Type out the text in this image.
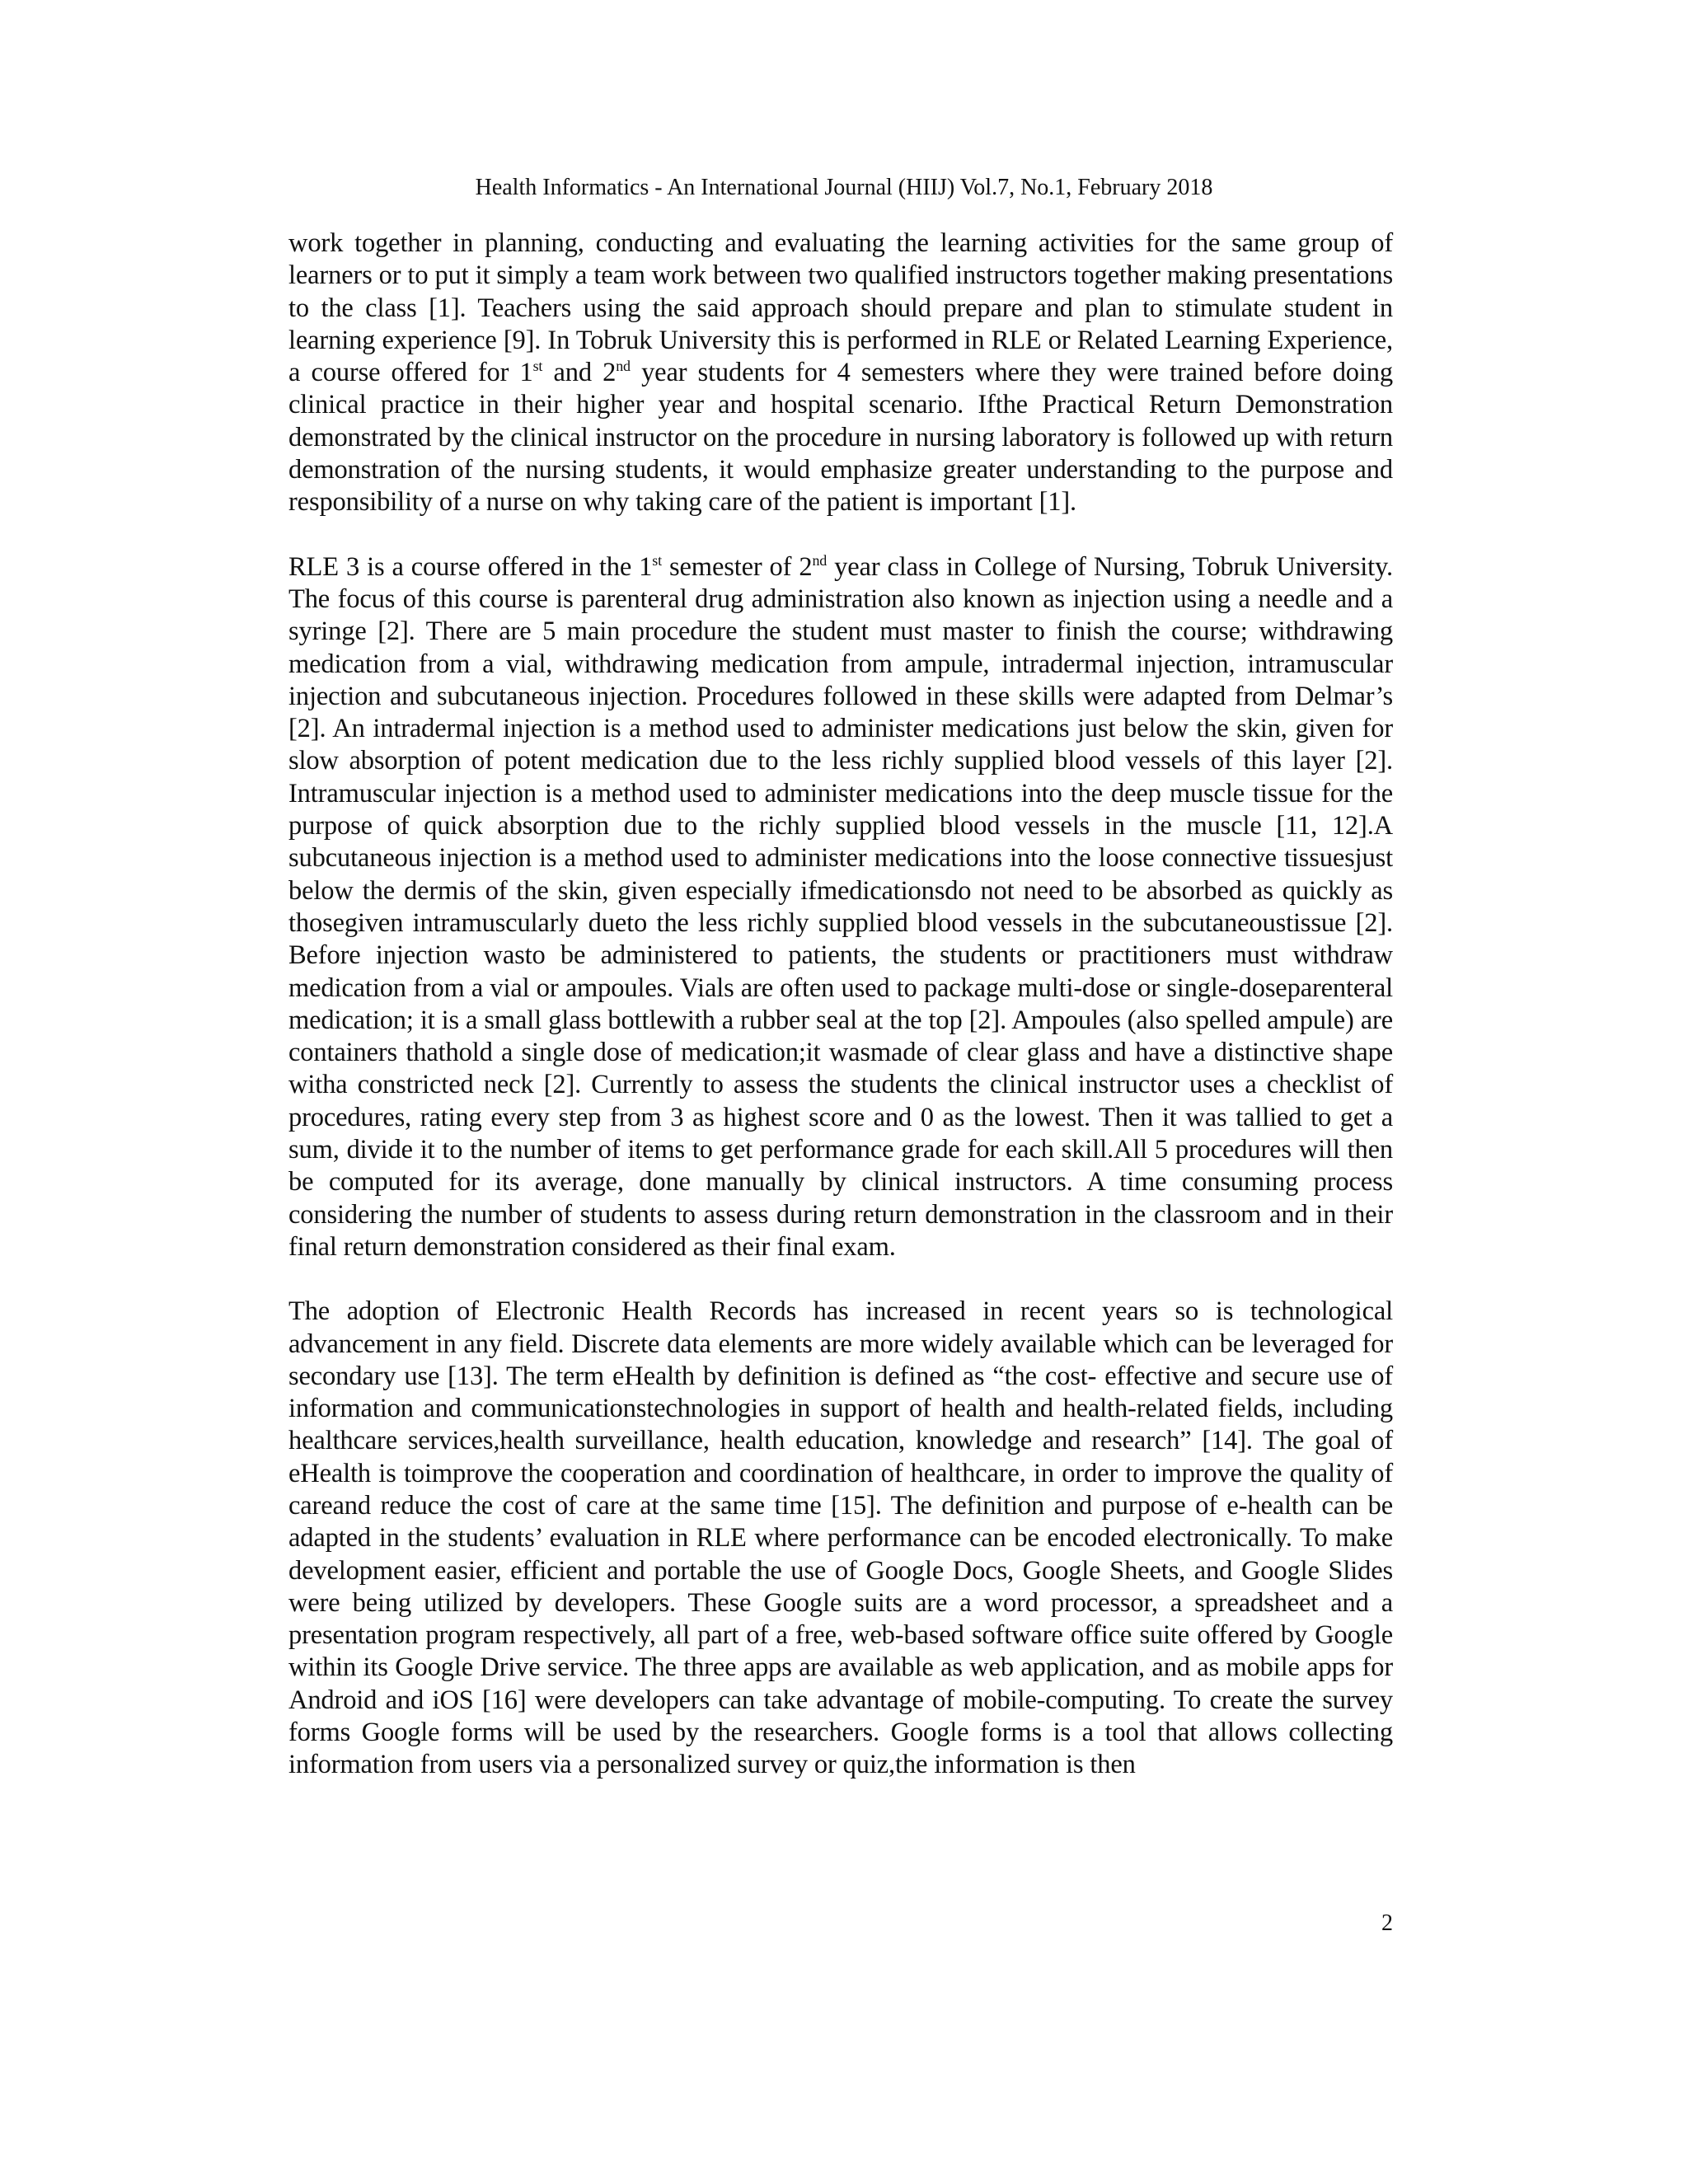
Health Informatics - An International Journal (HIIJ) Vol.7, No.1, February 2018

work together in planning, conducting and evaluating the learning activities for the same group of learners or to put it simply a team work between two qualified instructors together making presentations to the class [1]. Teachers using the said approach should prepare and plan to stimulate student in learning experience [9]. In Tobruk University this is performed in RLE or Related Learning Experience, a course offered for 1st and 2nd year students for 4 semesters where they were trained before doing clinical practice in their higher year and hospital scenario. Ifthe Practical Return Demonstration demonstrated by the clinical instructor on the procedure in nursing laboratory is followed up with return demonstration of the nursing students, it would emphasize greater understanding to the purpose and responsibility of a nurse on why taking care of the patient is important [1].

RLE 3 is a course offered in the 1st semester of 2nd year class in College of Nursing, Tobruk University. The focus of this course is parenteral drug administration also known as injection using a needle and a syringe [2]. There are 5 main procedure the student must master to finish the course; withdrawing medication from a vial, withdrawing medication from ampule, intradermal injection, intramuscular injection and subcutaneous injection. Procedures followed in these skills were adapted from Delmar’s [2]. An intradermal injection is a method used to administer medications just below the skin, given for slow absorption of potent medication due to the less richly supplied blood vessels of this layer [2]. Intramuscular injection is a method used to administer medications into the deep muscle tissue for the purpose of quick absorption due to the richly supplied blood vessels in the muscle [11, 12].A subcutaneous injection is a method used to administer medications into the loose connective tissuesjust below the dermis of the skin, given especially ifmedicationsdo not need to be absorbed as quickly as thosegiven intramuscularly dueto the less richly supplied blood vessels in the subcutaneoustissue [2]. Before injection wasto be administered to patients, the students or practitioners must withdraw medication from a vial or ampoules. Vials are often used to package multi-dose or single-doseparenteral medication; it is a small glass bottlewith a rubber seal at the top [2]. Ampoules (also spelled ampule) are containers thathold a single dose of medication;it wasmade of clear glass and have a distinctive shape witha constricted neck [2]. Currently to assess the students the clinical instructor uses a checklist of procedures, rating every step from 3 as highest score and 0 as the lowest. Then it was tallied to get a sum, divide it to the number of items to get performance grade for each skill.All 5 procedures will then be computed for its average, done manually by clinical instructors. A time consuming process considering the number of students to assess during return demonstration in the classroom and in their final return demonstration considered as their final exam.

The adoption of Electronic Health Records has increased in recent years so is technological advancement in any field. Discrete data elements are more widely available which can be leveraged for secondary use [13]. The term eHealth by definition is defined as “the cost- effective and secure use of information and communicationstechnologies in support of health and health-related fields, including healthcare services,health surveillance, health education, knowledge and research” [14]. The goal of eHealth is toimprove the cooperation and coordination of healthcare, in order to improve the quality of careand reduce the cost of care at the same time [15]. The definition and purpose of e-health can be adapted in the students’ evaluation in RLE where performance can be encoded electronically. To make development easier, efficient and portable the use of Google Docs, Google Sheets, and Google Slides were being utilized by developers. These Google suits are a word processor, a spreadsheet and a presentation program respectively, all part of a free, web-based software office suite offered by Google within its Google Drive service. The three apps are available as web application, and as mobile apps for Android and iOS [16] were developers can take advantage of mobile-computing. To create the survey forms Google forms will be used by the researchers. Google forms is a tool that allows collecting information from users via a personalized survey or quiz,the information is then

2
